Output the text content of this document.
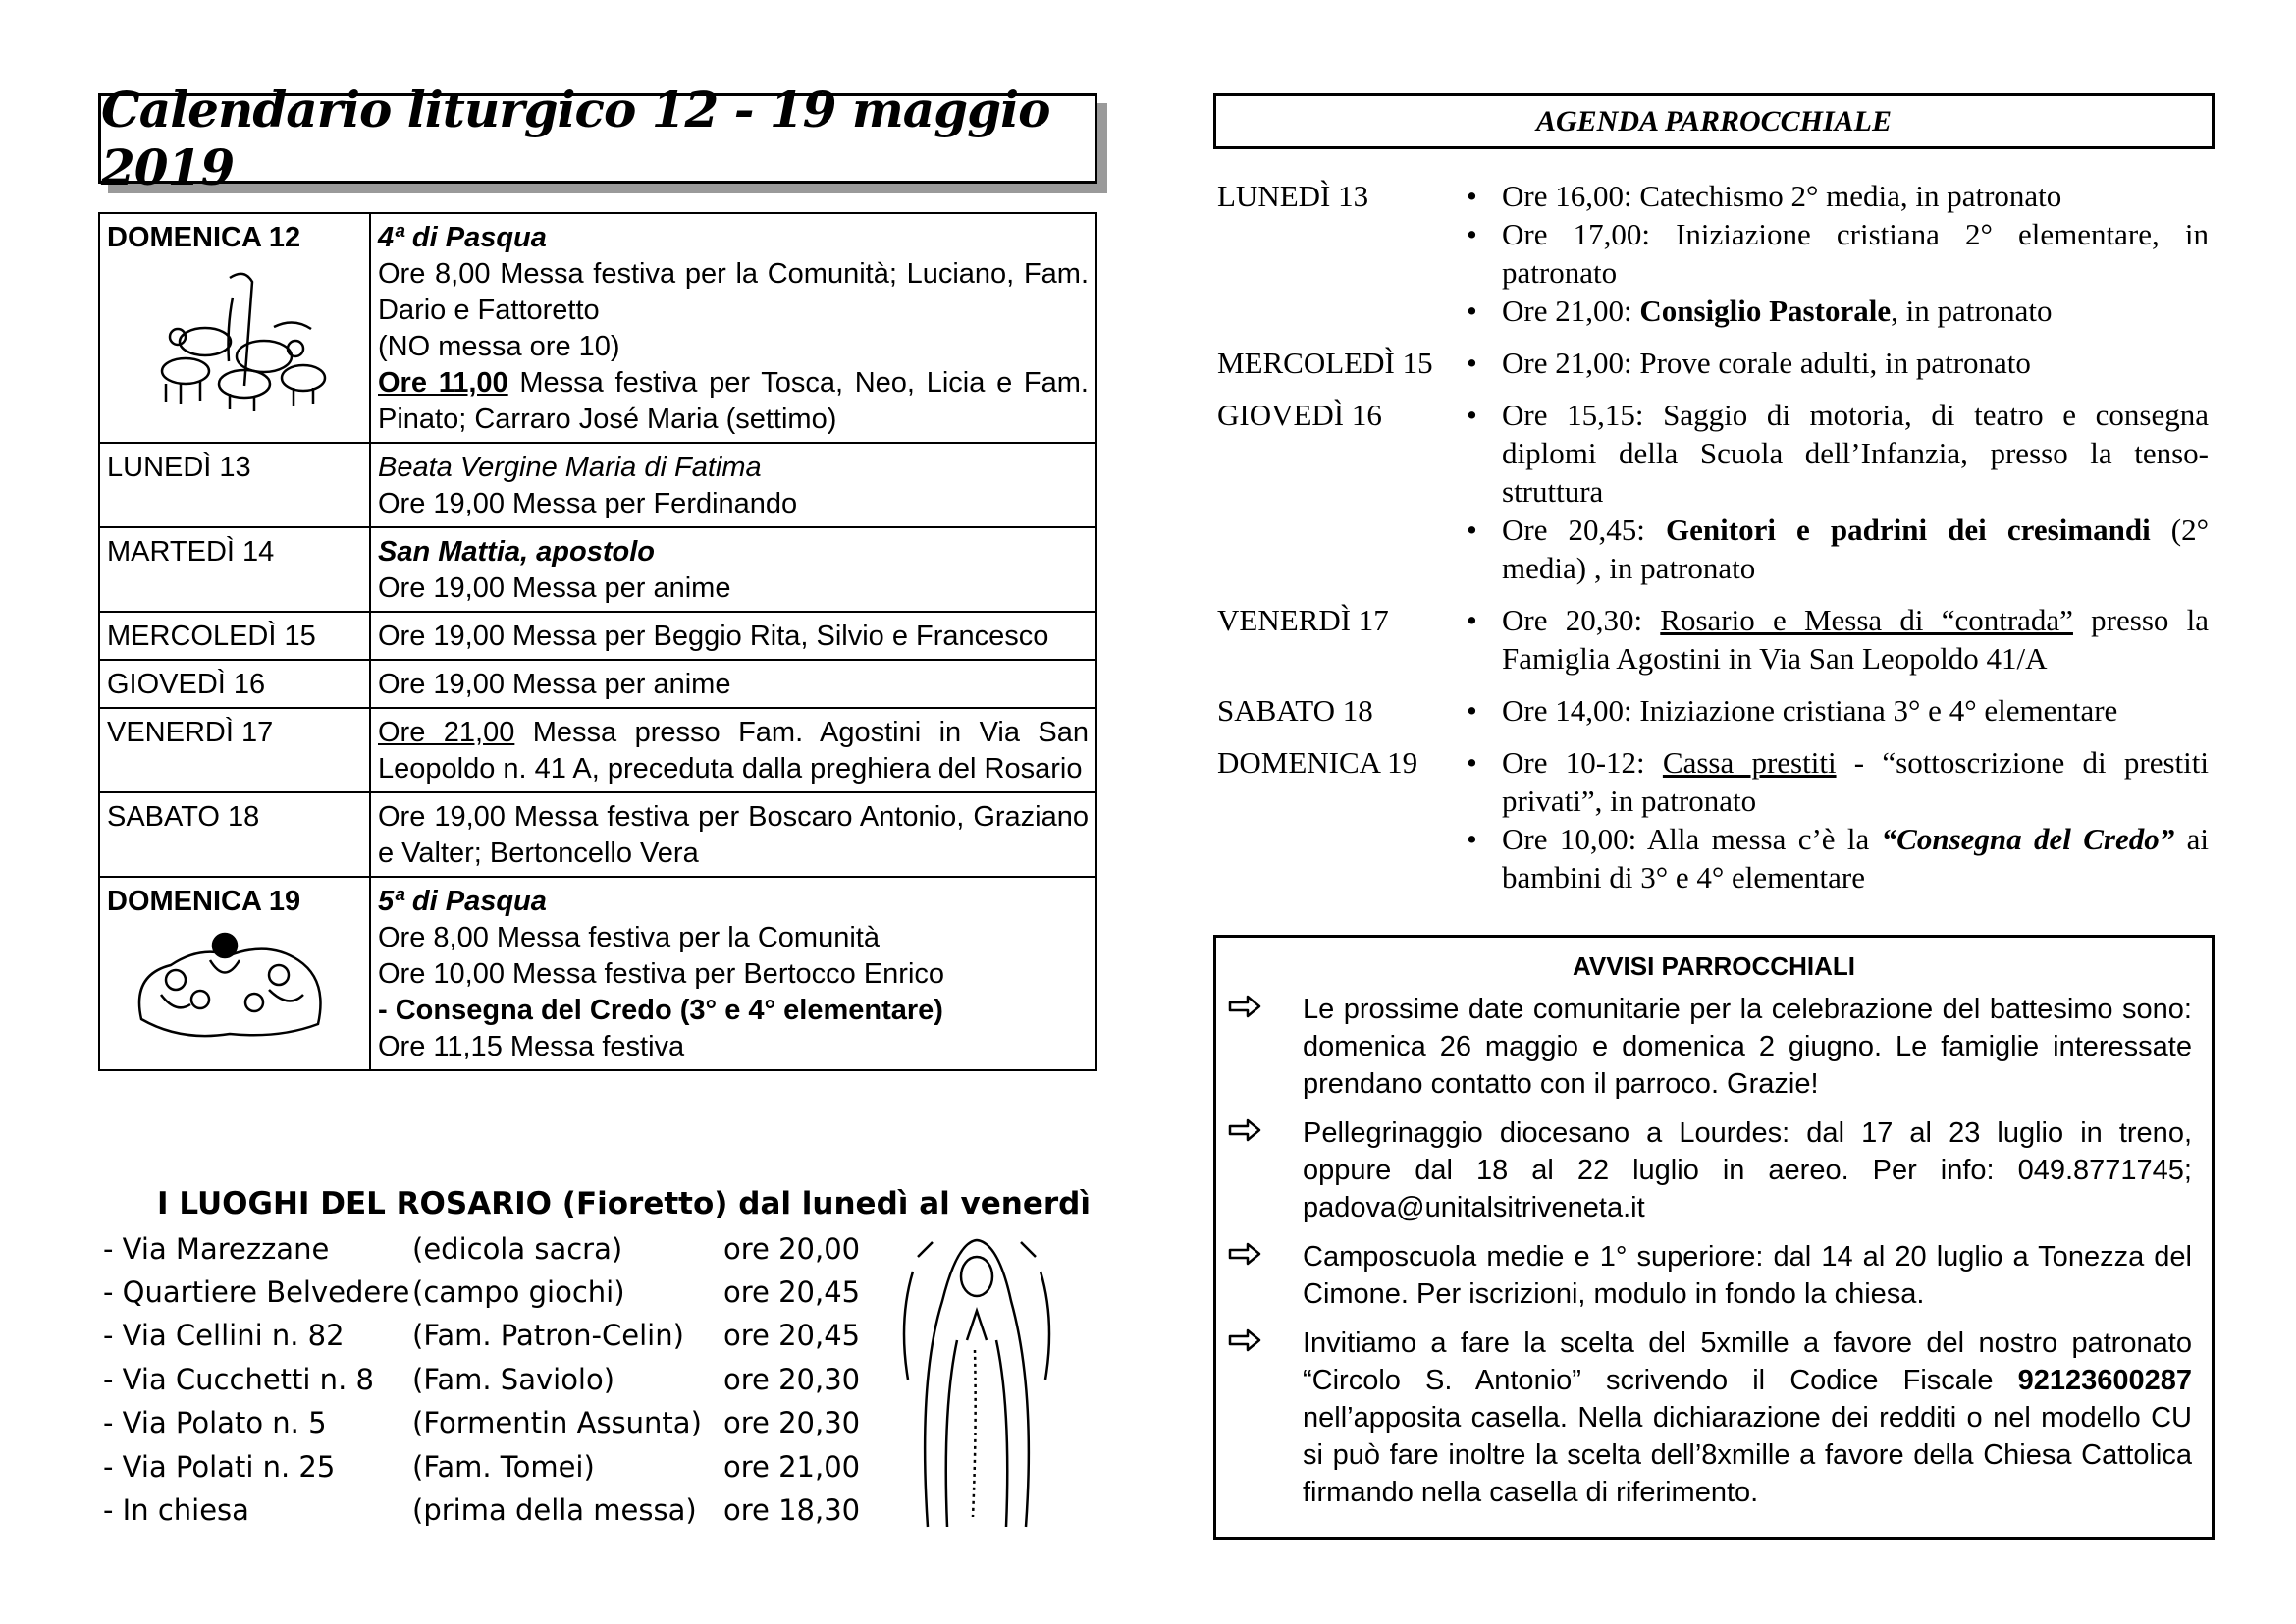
Calendario liturgico 12 - 19 maggio 2019
DOMENICA 12	4ª di Pasqua
Ore 8,00 Messa festiva per la Comunità; Luciano, Fam. Dario e Fattoretto
(NO messa ore 10)
Ore 11,00 Messa festiva per Tosca, Neo, Licia e Fam. Pinato; Carraro José Maria (settimo)

LUNEDÌ 13	Beata Vergine Maria di Fatima
Ore 19,00 Messa per Ferdinando

MARTEDÌ 14	San Mattia, apostolo
Ore 19,00 Messa per anime

MERCOLEDÌ 15	Ore 19,00 Messa per Beggio Rita, Silvio e Francesco

GIOVEDÌ 16	Ore 19,00 Messa per anime

VENERDÌ 17	Ore 21,00 Messa presso Fam. Agostini in Via San Leopoldo n. 41 A, preceduta dalla preghiera del Rosario

SABATO 18	Ore 19,00 Messa festiva per Boscaro Antonio, Graziano e Valter; Bertoncello Vera

DOMENICA 19	5ª di Pasqua
Ore 8,00 Messa festiva per la Comunità
Ore 10,00 Messa festiva per Bertocco Enrico
- Consegna del Credo (3° e 4° elementare)
Ore 11,15 Messa festiva
I LUOGHI DEL ROSARIO (Fioretto) dal lunedì al venerdì
- Via Marezzane	(edicola sacra)	ore 20,00
- Quartiere Belvedere (campo giochi)	ore 20,45
- Via Cellini n. 82 (Fam. Patron-Celin) ore 20,45
- Via Cucchetti n. 8 (Fam. Saviolo)	ore 20,30
- Via Polato n. 5	(Formentin Assunta) ore 20,30
- Via Polati n. 25	(Fam. Tomei)	ore 21,00
- In chiesa	(prima della messa) ore 18,30
AGENDA PARROCCHIALE
LUNEDÌ 13	• Ore 16,00: Catechismo 2° media, in patronato
• Ore 17,00: Iniziazione cristiana 2° elementare, in patronato
• Ore 21,00: Consiglio Pastorale, in patronato
MERCOLEDÌ 15	• Ore 21,00: Prove corale adulti, in patronato
GIOVEDÌ 16	• Ore 15,15: Saggio di motoria, di teatro e consegna diplomi della Scuola dell’Infanzia, presso la tenso-struttura
• Ore 20,45: Genitori e padrini dei cresimandi (2° media) , in patronato
VENERDÌ 17	• Ore 20,30: Rosario e Messa di “contrada” presso la Famiglia Agostini in Via San Leopoldo 41/A
SABATO 18	• Ore 14,00: Iniziazione cristiana 3° e 4° elementare
DOMENICA 19	• Ore 10-12: Cassa prestiti - “sottoscrizione di prestiti privati”, in patronato
• Ore 10,00: Alla messa c’è la “Consegna del Credo” ai bambini di 3° e 4° elementare
AVVISI PARROCCHIALI
Le prossime date comunitarie per la celebrazione del battesimo sono: domenica 26 maggio e domenica 2 giugno. Le famiglie interessate prendano contatto con il parroco. Grazie!
Pellegrinaggio diocesano a Lourdes: dal 17 al 23 luglio in treno, oppure dal 18 al 22 luglio in aereo. Per info: 049.8771745; padova@unitalsitriveneta.it
Camposcuola medie e 1° superiore: dal 14 al 20 luglio a Tonezza del Cimone. Per iscrizioni, modulo in fondo la chiesa.
Invitiamo a fare la scelta del 5xmille a favore del nostro patronato “Circolo S. Antonio” scrivendo il Codice Fiscale 92123600287 nell’apposita casella. Nella dichiarazione dei redditi o nel modello CU si può fare inoltre la scelta dell’8xmille a favore della Chiesa Cattolica firmando nella casella di riferimento.
